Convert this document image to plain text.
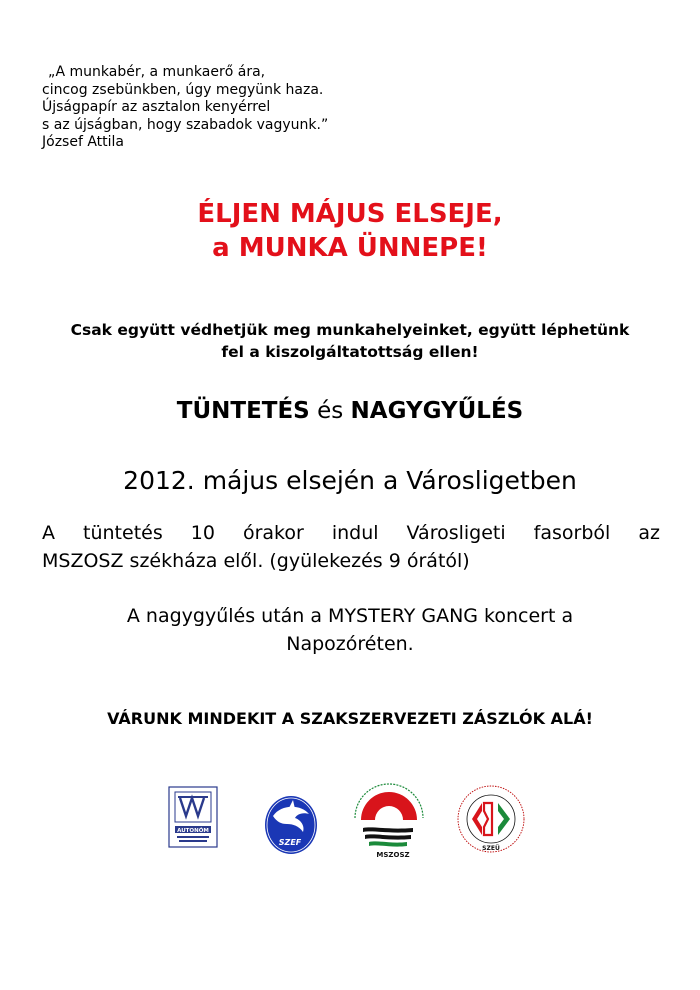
„A munkabér, a munkaerő ára,
cincog zsebünkben, úgy megyünk haza.
Újságpapír az asztalon kenyérrel
s az újságban, hogy szabadok vagyunk.”
József Attila
ÉLJEN MÁJUS ELSEJE,
a MUNKA ÜNNEPE!
Csak együtt védhetjük meg munkahelyeinket, együtt léphetünk
fel a kiszolgáltatottság ellen!
TÜNTETÉS és NAGYGYŰLÉS
2012. május elsején a Városligetben
A tüntetés 10 órakor indul Városligeti fasorból az
MSZOSZ székháza elől. (gyülekezés 9 órától)
A nagygyűlés után a MYSTERY GANG koncert a
Napozóréten.
VÁRUNK MINDEKIT A SZAKSZERVEZETI ZÁSZLÓK ALÁ!
AUTONÓM
SZEF
MSZOSZ
SZEÜ
